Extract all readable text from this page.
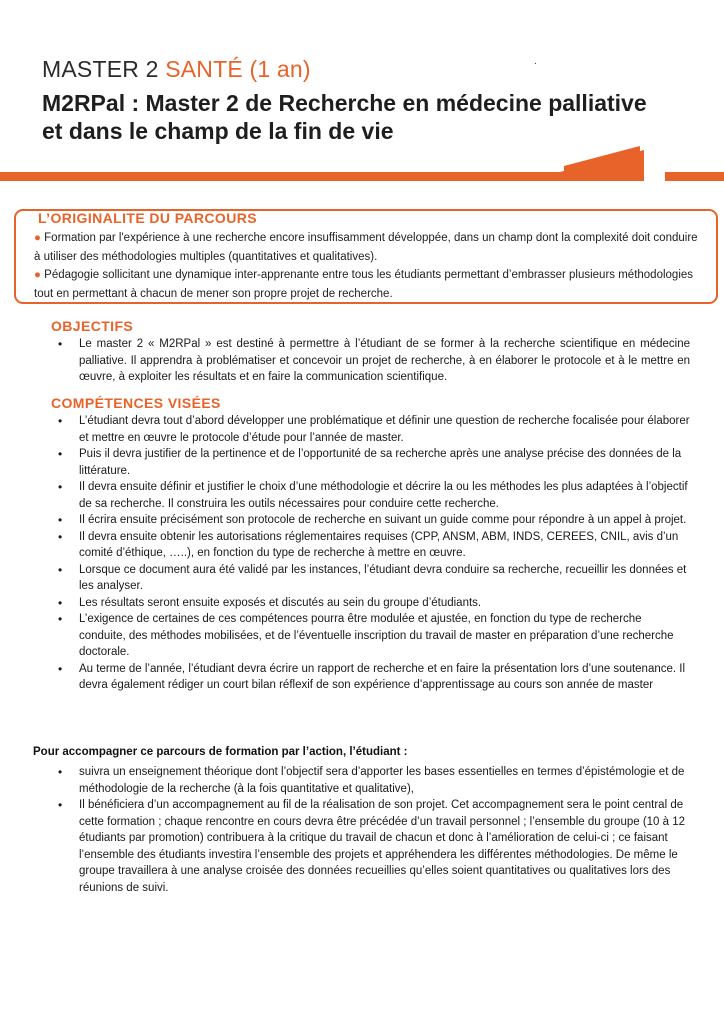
MASTER 2 SANTÉ (1 an)	.
M2RPal : Master 2 de Recherche en médecine palliative et dans le champ de la fin de vie
L’ORIGINALITE DU PARCOURS
● Formation par l'expérience à une recherche encore insuffisamment développée, dans un champ dont la complexité doit conduire à utiliser des méthodologies multiples (quantitatives et qualitatives).
● Pédagogie sollicitant une dynamique inter-apprenante entre tous les étudiants permettant d’embrasser plusieurs méthodologies tout en permettant à chacun de mener son propre projet de recherche.
OBJECTIFS
• Le master 2 « M2RPal » est destiné à permettre à l’étudiant de se former à la recherche scientifique en médecine palliative. Il apprendra à problématiser et concevoir un projet de recherche, à en élaborer le protocole et à le mettre en œuvre, à exploiter les résultats et en faire la communication scientifique.
COMPÉTENCES VISÉES
• L’étudiant devra tout d’abord développer une problématique et définir une question de recherche focalisée pour élaborer et mettre en œuvre le protocole d’étude pour l’année de master.
• Puis il devra justifier de la pertinence et de l’opportunité de sa recherche après une analyse précise des données de la littérature.
• Il devra ensuite définir et justifier le choix d’une méthodologie et décrire la ou les méthodes les plus adaptées à l’objectif de sa recherche. Il construira les outils nécessaires pour conduire cette recherche.
• Il écrira ensuite précisément son protocole de recherche en suivant un guide comme pour répondre à un appel à projet.
• Il devra ensuite obtenir les autorisations réglementaires requises (CPP, ANSM, ABM, INDS, CEREES, CNIL, avis d’un comité d’éthique, …..), en fonction du type de recherche à mettre en œuvre.
• Lorsque ce document aura été validé par les instances, l’étudiant devra conduire sa recherche, recueillir les données et les analyser.
• Les résultats seront ensuite exposés et discutés au sein du groupe d’étudiants.
• L’exigence de certaines de ces compétences pourra être modulée et ajustée, en fonction du type de recherche conduite, des méthodes mobilisées, et de l’éventuelle inscription du travail de master en préparation d’une recherche doctorale.
• Au terme de l’année, l’étudiant devra écrire un rapport de recherche et en faire la présentation lors d’une soutenance. Il devra également rédiger un court bilan réflexif de son expérience d’apprentissage au cours son année de master
Pour accompagner ce parcours de formation par l’action, l’étudiant :
• suivra un enseignement théorique dont l’objectif sera d’apporter les bases essentielles en termes d’épistémologie et de méthodologie de la recherche (à la fois quantitative et qualitative),
• Il bénéficiera d’un accompagnement au fil de la réalisation de son projet. Cet accompagnement sera le point central de cette formation ; chaque rencontre en cours devra être précédée d’un travail personnel ; l’ensemble du groupe (10 à 12 étudiants par promotion) contribuera à la critique du travail de chacun et donc à l’amélioration de celui-ci ; ce faisant l’ensemble des étudiants investira l’ensemble des projets et appréhendera les différentes méthodologies. De même le groupe travaillera à une analyse croisée des données recueillies qu’elles soient quantitatives ou qualitatives lors des réunions de suivi.
